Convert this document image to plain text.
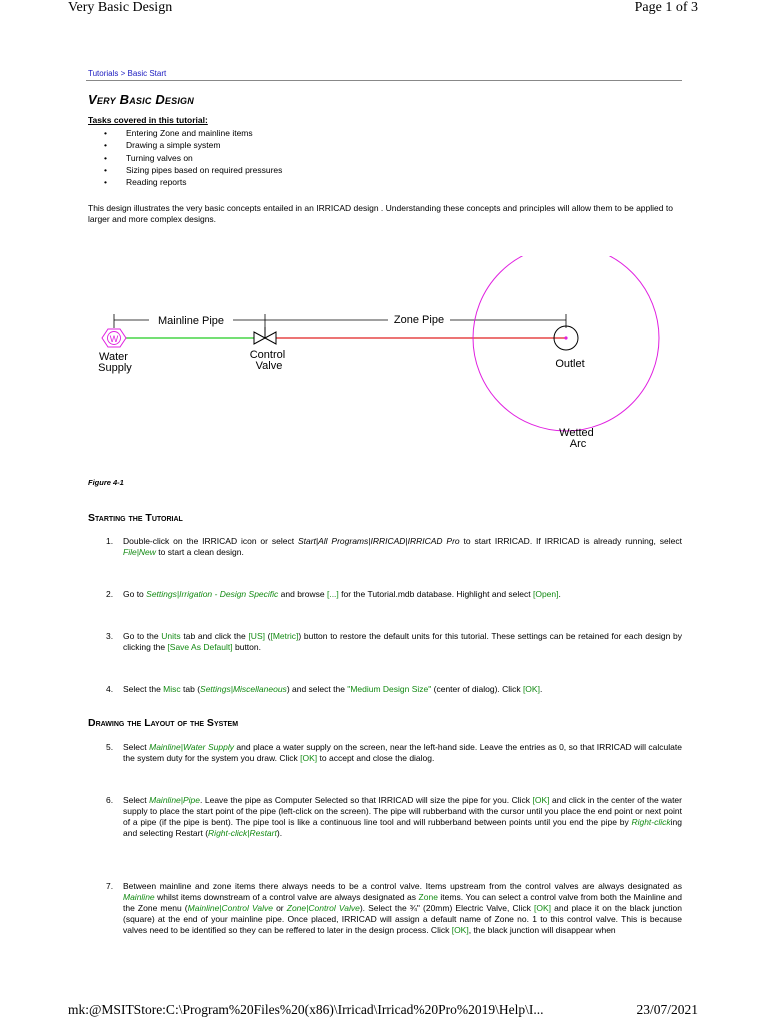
Very Basic Design	Page 1 of 3
Tutorials > Basic Start
Very Basic Design
Tasks covered in this tutorial:
• Entering Zone and mainline items
• Drawing a simple system
• Turning valves on
• Sizing pipes based on required pressures
• Reading reports
This design illustrates the very basic concepts entailed in an IRRICAD design . Understanding these concepts and principles will allow them to be applied to larger and more complex designs.
Mainline Pipe	Zone Pipe
W
Water Supply
Control Valve	Outlet
Wetted Arc
Figure 4-1
Starting the Tutorial
1. Double-click on the IRRICAD icon or select Start|All Programs|IRRICAD|IRRICAD Pro to start IRRICAD. If IRRICAD is already running, select File|New to start a clean design.
2. Go to Settings|Irrigation - Design Specific and browse [...] for the Tutorial.mdb database. Highlight and select [Open].
3. Go to the Units tab and click the [US] ([Metric]) button to restore the default units for this tutorial. These settings can be retained for each design by clicking the [Save As Default] button.
4. Select the Misc tab (Settings|Miscellaneous) and select the "Medium Design Size" (center of dialog). Click [OK].
Drawing the Layout of the System
5. Select Mainline|Water Supply and place a water supply on the screen, near the left-hand side. Leave the entries as 0, so that IRRICAD will calculate the system duty for the system you draw. Click [OK] to accept and close the dialog.
6. Select Mainline|Pipe. Leave the pipe as Computer Selected so that IRRICAD will size the pipe for you. Click [OK] and click in the center of the water supply to place the start point of the pipe (left-click on the screen). The pipe will rubberband with the cursor until you place the end point or next point of a pipe (if the pipe is bent). The pipe tool is like a continuous line tool and will rubberband between points until you end the pipe by Right-clicking and selecting Restart (Right-click|Restart).
7. Between mainline and zone items there always needs to be a control valve. Items upstream from the control valves are always designated as Mainline whilst items downstream of a control valve are always designated as Zone items. You can select a control valve from both the Mainline and the Zone menu (Mainline|Control Valve or Zone|Control Valve). Select the ¾" (20mm) Electric Valve, Click [OK] and place it on the black junction (square) at the end of your mainline pipe. Once placed, IRRICAD will assign a default name of Zone no. 1 to this control valve. This is because valves need to be identified so they can be reffered to later in the design process. Click [OK], the black junction will disappear when
mk:@MSITStore:C:\Program%20Files%20(x86)\Irricad\Irricad%20Pro%2019\Help\I...	23/07/2021
